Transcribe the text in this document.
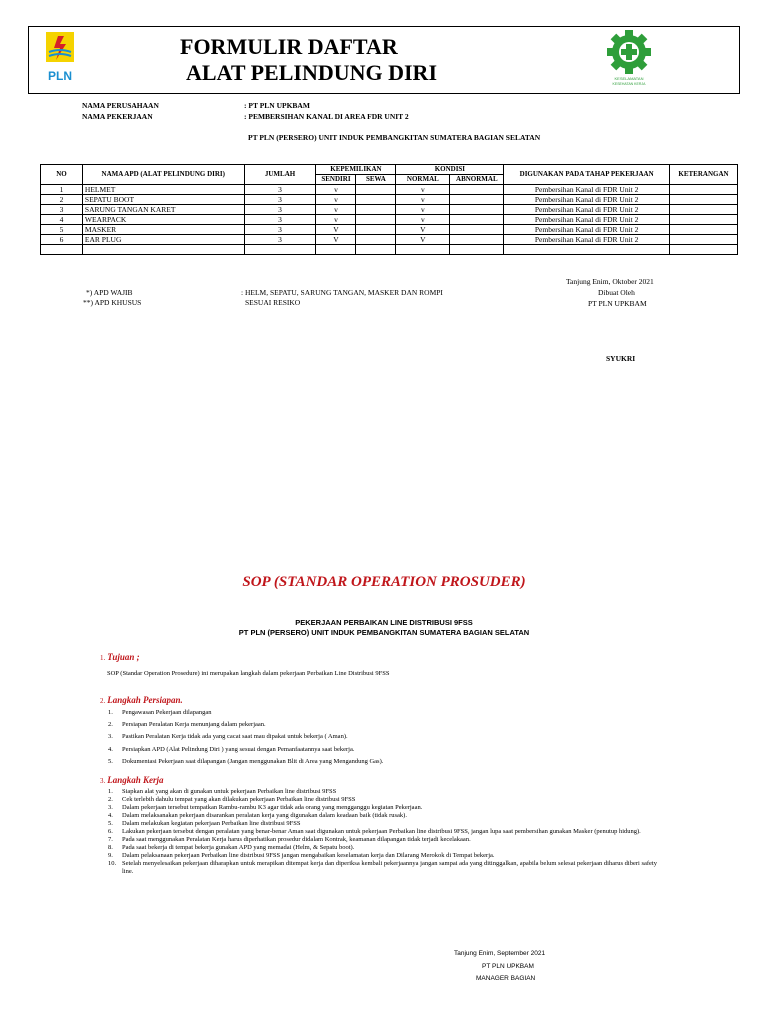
PLN
FORMULIR DAFTAR
ALAT PELINDUNG DIRI	KESELAMATAN
KESEHATAN KERJA
NAMA PERUSAHAAN	: PT PLN UPKBAM
NAMA PEKERJAAN	: PEMBERSIHAN KANAL DI AREA FDR UNIT 2
PT PLN (PERSERO) UNIT INDUK PEMBANGKITAN SUMATERA BAGIAN SELATAN
NO	NAMA APD (ALAT PELINDUNG DIRI)	JUMLAH	KEPEMILIKAN		KONDISI		DIGUNAKAN PADA TAHAP PEKERJAAN	KETERANGAN
			SENDIRI	SEWA	NORMAL	ABNORMAL		
1	HELMET	3	v		v		Pembersihan Kanal di FDR Unit 2	
2	SEPATU BOOT	3	v		v		Pembersihan Kanal di FDR Unit 2	
3	SARUNG TANGAN KARET	3	v		v		Pembersihan Kanal di FDR Unit 2	
4	WEARPACK	3	v		v		Pembersihan Kanal di FDR Unit 2	
5	MASKER	3	V		V		Pembersihan Kanal di FDR Unit 2	
6	EAR PLUG	3	V		V		Pembersihan Kanal di FDR Unit 2	

Tanjung Enim, Oktober 2021
Dibuat Oleh
PT PLN UPKBAM
SYUKRI
*) APD WAJIB	: HELM, SEPATU, SARUNG TANGAN, MASKER DAN ROMPI
**) APD KHUSUS	SESUAI RESIKO
SOP (STANDAR OPERATION PROSUDER)
PEKERJAAN PERBAIKAN LINE DISTRIBUSI 9FSS
PT PLN (PERSERO) UNIT INDUK PEMBANGKITAN SUMATERA BAGIAN SELATAN
1. Tujuan ;
SOP (Standar Operation Prosedure) ini merupakan langkah dalam pekerjaan Perbaikan Line Distribusi 9FSS
2. Langkah Persiapan.
1. Pengawasan Pekerjaan dilapangan
2. Persiapan Peralatan Kerja menunjang dalam pekerjaan.
3. Pastikan Peralatan Kerja tidak ada yang cacat saat mau dipakai untuk bekerja ( Aman).
4. Persiapkan APD (Alat Pelindung Diri ) yang sesuai dengan Pemanfaatannya saat bekerja.
5. Dokumentasi Pekerjaan saat dilapangan (Jangan menggunakan Blit di Area yang Mengandung Gas).
3. Langkah Kerja
1. Siapkan alat yang akan di gunakan untuk pekerjaan Perbaikan line distribusi 9FSS
2. Cek terlebih dahulu tempat yang akan dilakukan pekerjaan Perbaikan line distribusi 9FSS
3. Dalam pekerjaan tersebut tempatkan Rambu-rambu K3 agar tidak ada orang yang mengganggu kegiatan Pekerjaan.
4. Dalam melaksanakan pekerjaan disarankan peralatan kerja yang digunakan dalam keadaan baik (tidak rusak).
5. Dalam melakukan kegiatan pekerjaan Perbaikan line distribusi 9FSS
6. Lakukan pekerjaan tersebut dengan peralatan yang benar-benar Aman saat digunakan untuk pekerjaan Perbaikan line distribusi 9FSS, jangan lupa saat pembersihan gunakan Masker (penutup hidung).
7. Pada saat menggunakan Peralatan Kerja harus diperhatikan prosedur didalam Kontrak, keamanan dilapangan tidak terjadi kecelakaan.
8. Pada saat bekerja di tempat bekerja gunakan APD yang memadai (Helm, & Sepatu boot).
9. Dalam pelaksanaan pekerjaan Perbaikan line distribusi 9FSS jangan mengabaikan keselamatan kerja dan Dilarang Merokok di Tempat bekerja.
10. Setelah menyelesaikan pekerjaan diharapkan untuk merapikan ditempat kerja dan diperiksa kembali pekerjaannya jangan sampai ada yang ditinggalkan, apabila belum selesai pekerjaan diharus diberi safety line.
Tanjung Enim, September 2021
PT PLN UPKBAM
MANAGER BAGIAN
